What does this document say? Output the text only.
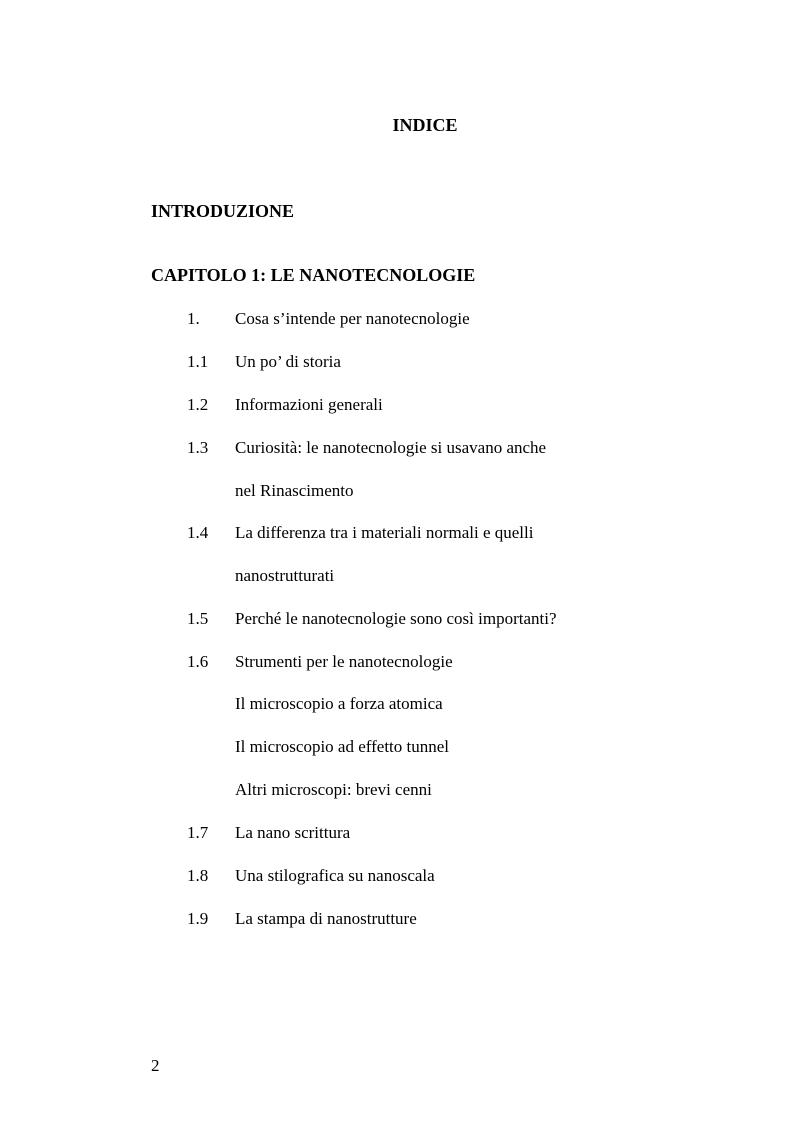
INDICE
INTRODUZIONE
CAPITOLO 1: LE NANOTECNOLOGIE
1. Cosa s’intende per nanotecnologie
1.1 Un po’ di storia
1.2 Informazioni generali
1.3 Curiosità: le nanotecnologie si usavano anche
nel Rinascimento
1.4 La differenza tra i materiali normali e quelli
nanostrutturati
1.5 Perché le nanotecnologie sono così importanti?
1.6 Strumenti per le nanotecnologie
Il microscopio a forza atomica
Il microscopio ad effetto tunnel
Altri microscopi: brevi cenni
1.7 La nano scrittura
1.8 Una stilografica su nanoscala
1.9 La stampa di nanostrutture
2
